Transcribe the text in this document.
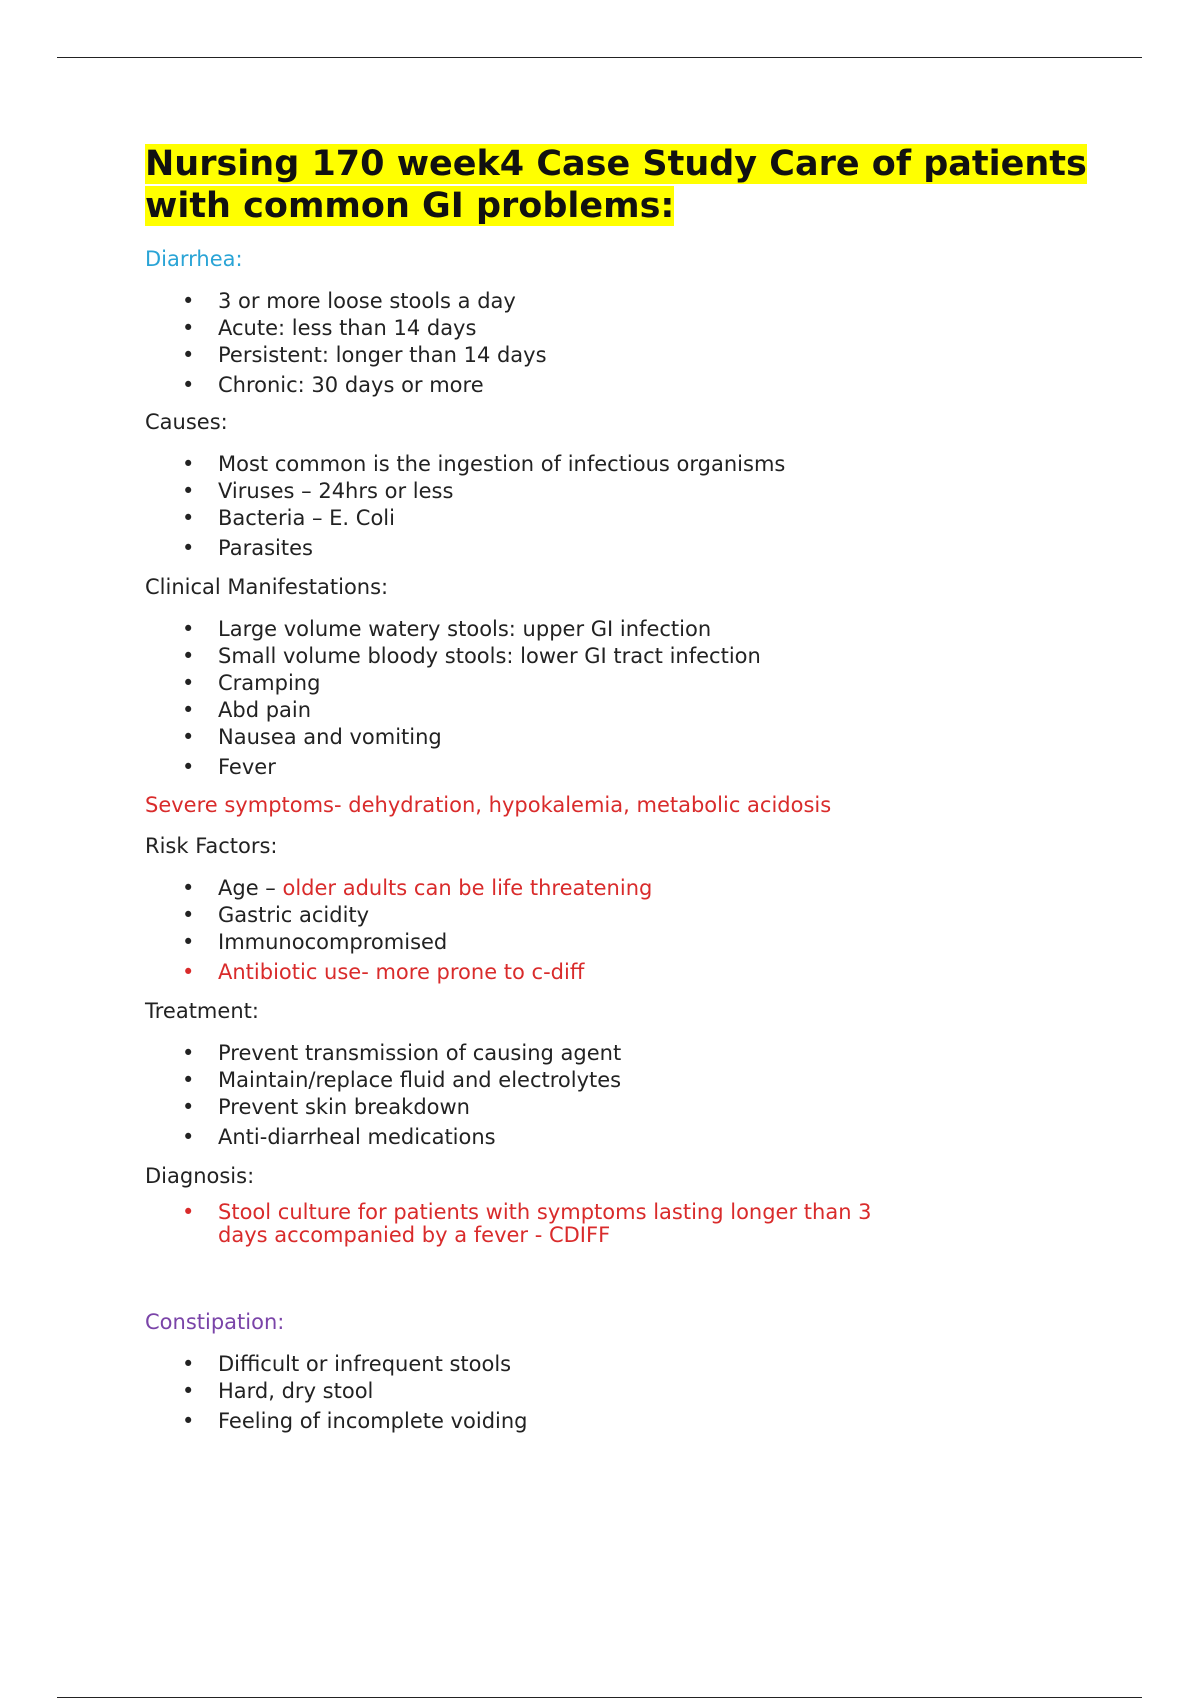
Nursing 170 week4 Case Study Care of patients with common GI problems:

Diarrhea:

• 3 or more loose stools a day
• Acute: less than 14 days
• Persistent: longer than 14 days
• Chronic: 30 days or more

Causes:

• Most common is the ingestion of infectious organisms
• Viruses – 24hrs or less
• Bacteria – E. Coli
• Parasites

Clinical Manifestations:

• Large volume watery stools: upper GI infection
• Small volume bloody stools: lower GI tract infection
• Cramping
• Abd pain
• Nausea and vomiting
• Fever

Severe symptoms- dehydration, hypokalemia, metabolic acidosis

Risk Factors:

• Age – older adults can be life threatening
• Gastric acidity
• Immunocompromised
• Antibiotic use- more prone to c-diff

Treatment:

• Prevent transmission of causing agent
• Maintain/replace fluid and electrolytes
• Prevent skin breakdown
• Anti-diarrheal medications

Diagnosis:

• Stool culture for patients with symptoms lasting longer than 3
days accompanied by a fever - CDIFF

Constipation:

• Difficult or infrequent stools
• Hard, dry stool
• Feeling of incomplete voiding
